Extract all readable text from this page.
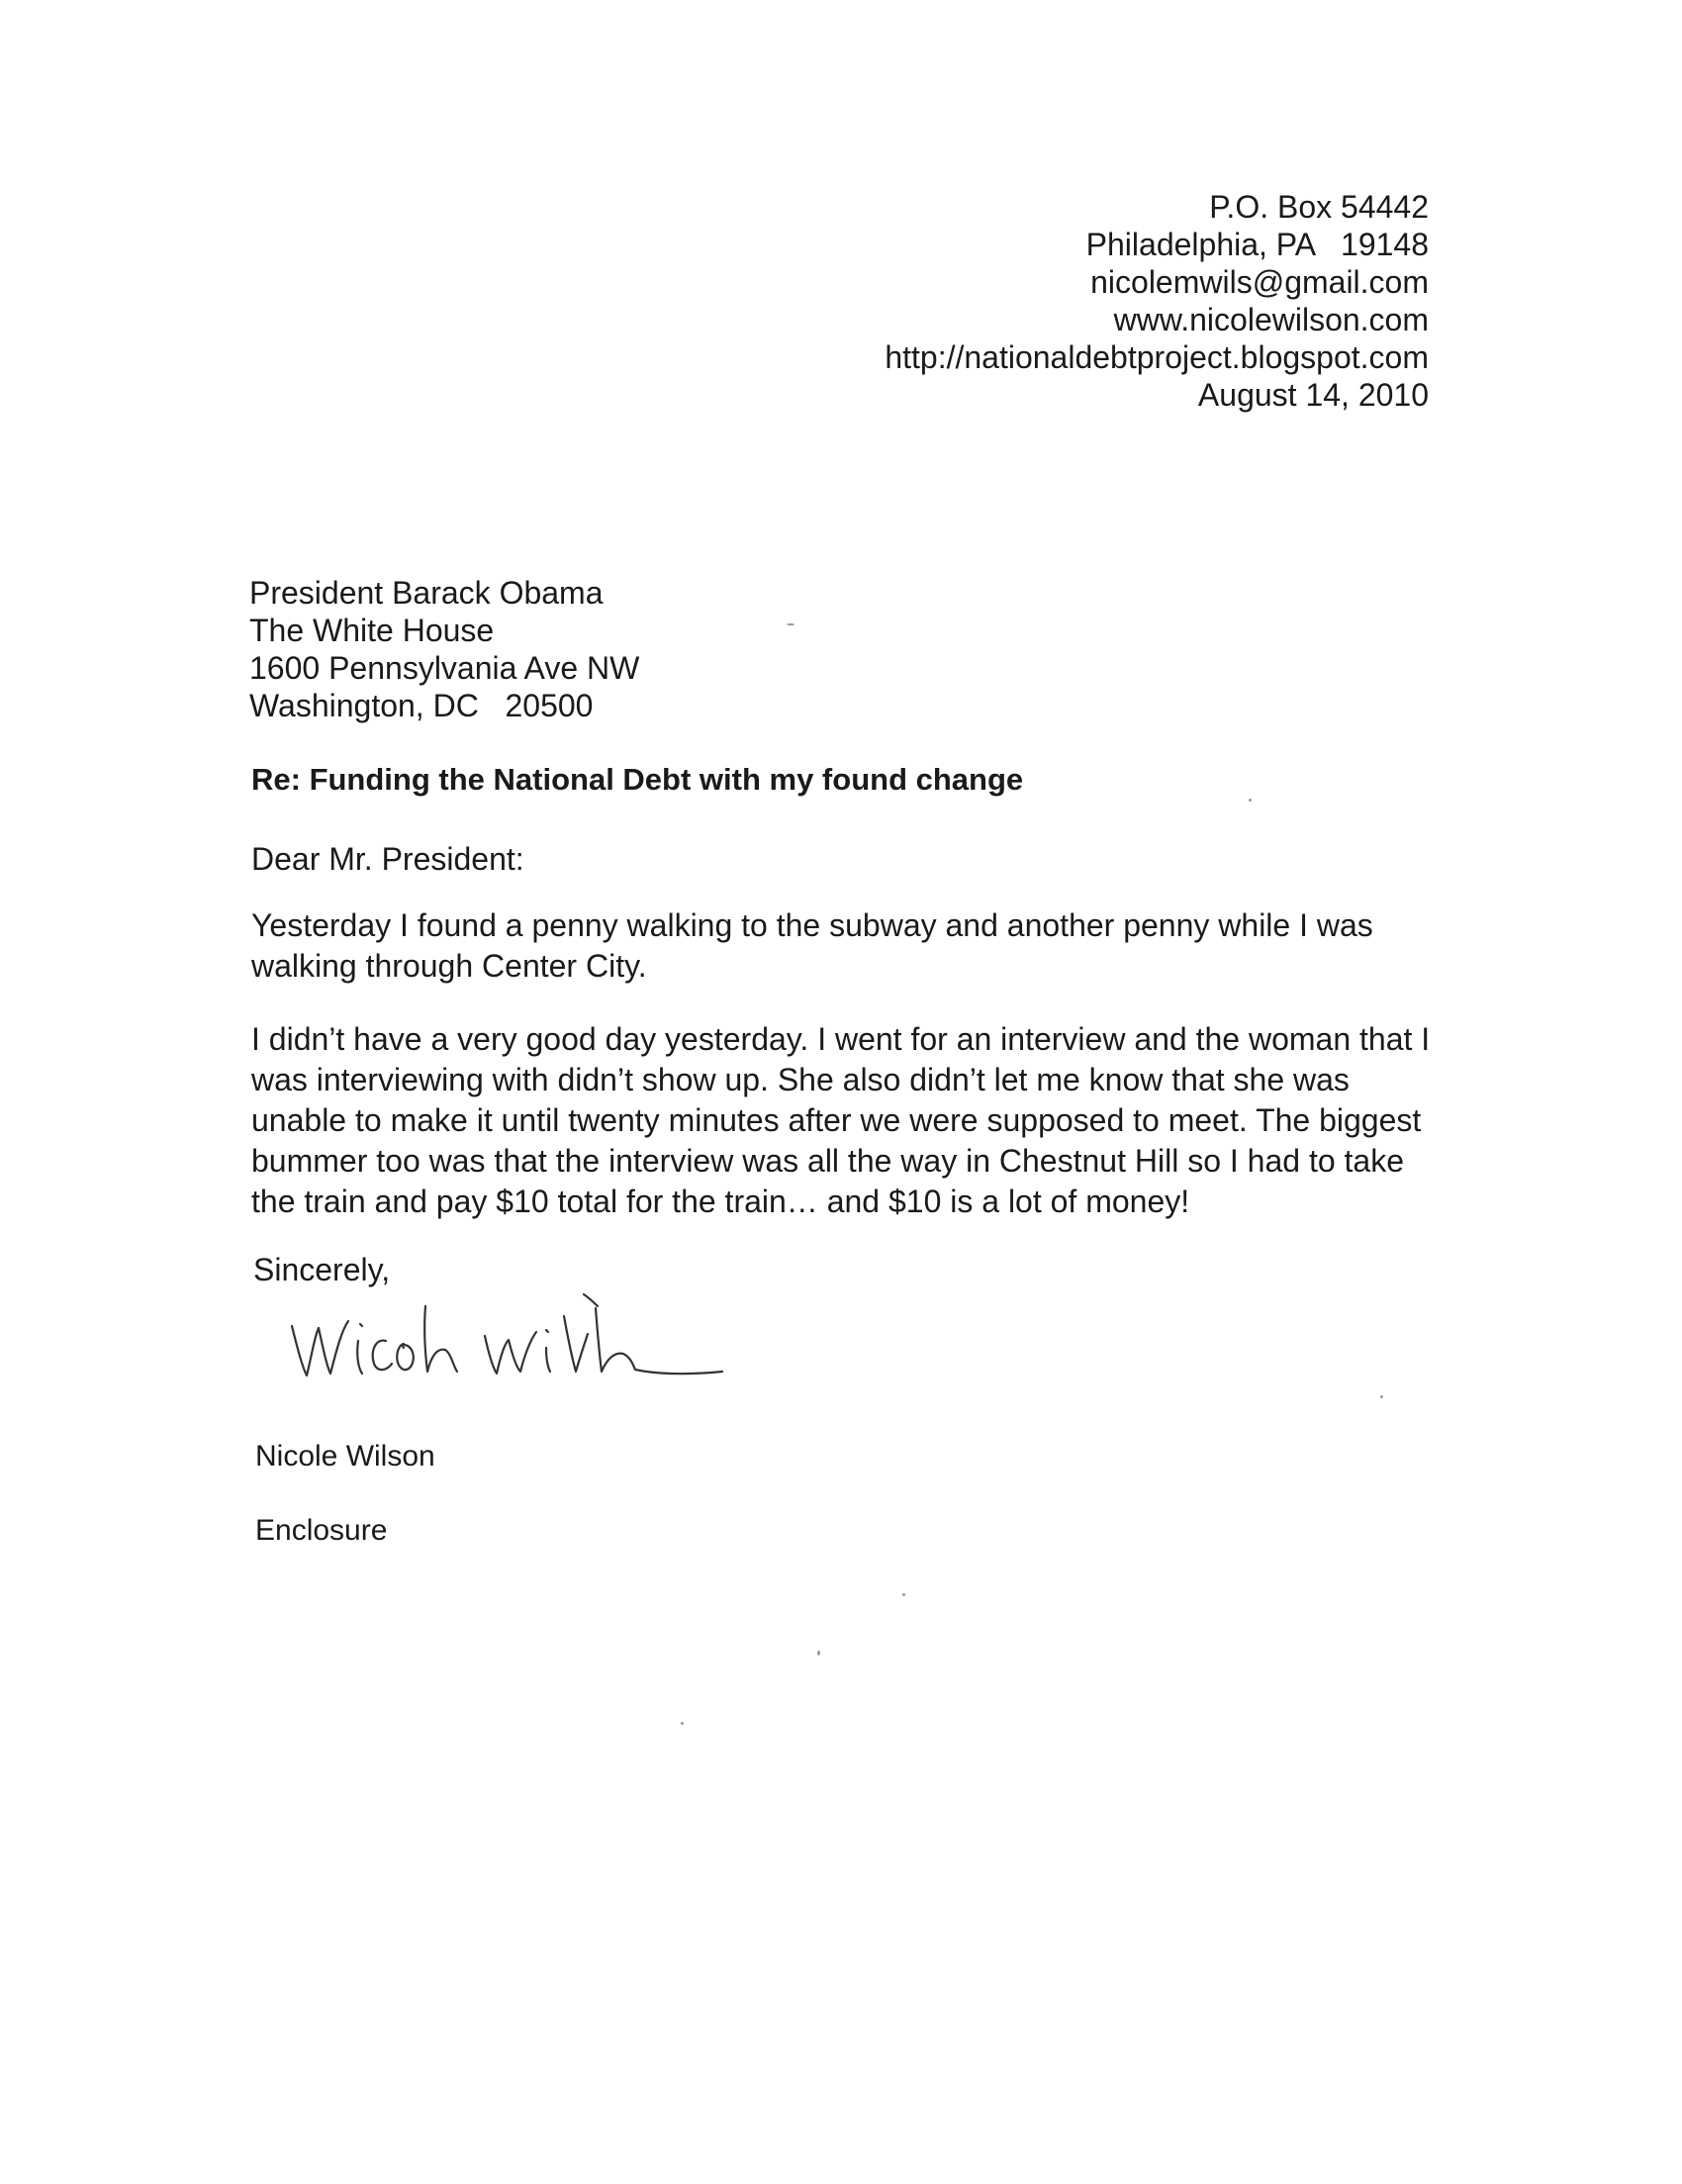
P.O. Box 54442
Philadelphia, PA   19148
nicolemwils@gmail.com
www.nicolewilson.com
http://nationaldebtproject.blogspot.com
August 14, 2010
President Barack Obama
The White House
1600 Pennsylvania Ave NW
Washington, DC   20500
Re: Funding the National Debt with my found change
Dear Mr. President:

Yesterday I found a penny walking to the subway and another penny while I was walking through Center City.

I didn’t have a very good day yesterday. I went for an interview and the woman that I was interviewing with didn’t show up. She also didn’t let me know that she was unable to make it until twenty minutes after we were supposed to meet. The biggest bummer too was that the interview was all the way in Chestnut Hill so I had to take the train and pay $10 total for the train… and $10 is a lot of money!

Sincerely,
Nicole Wilson
Enclosure
